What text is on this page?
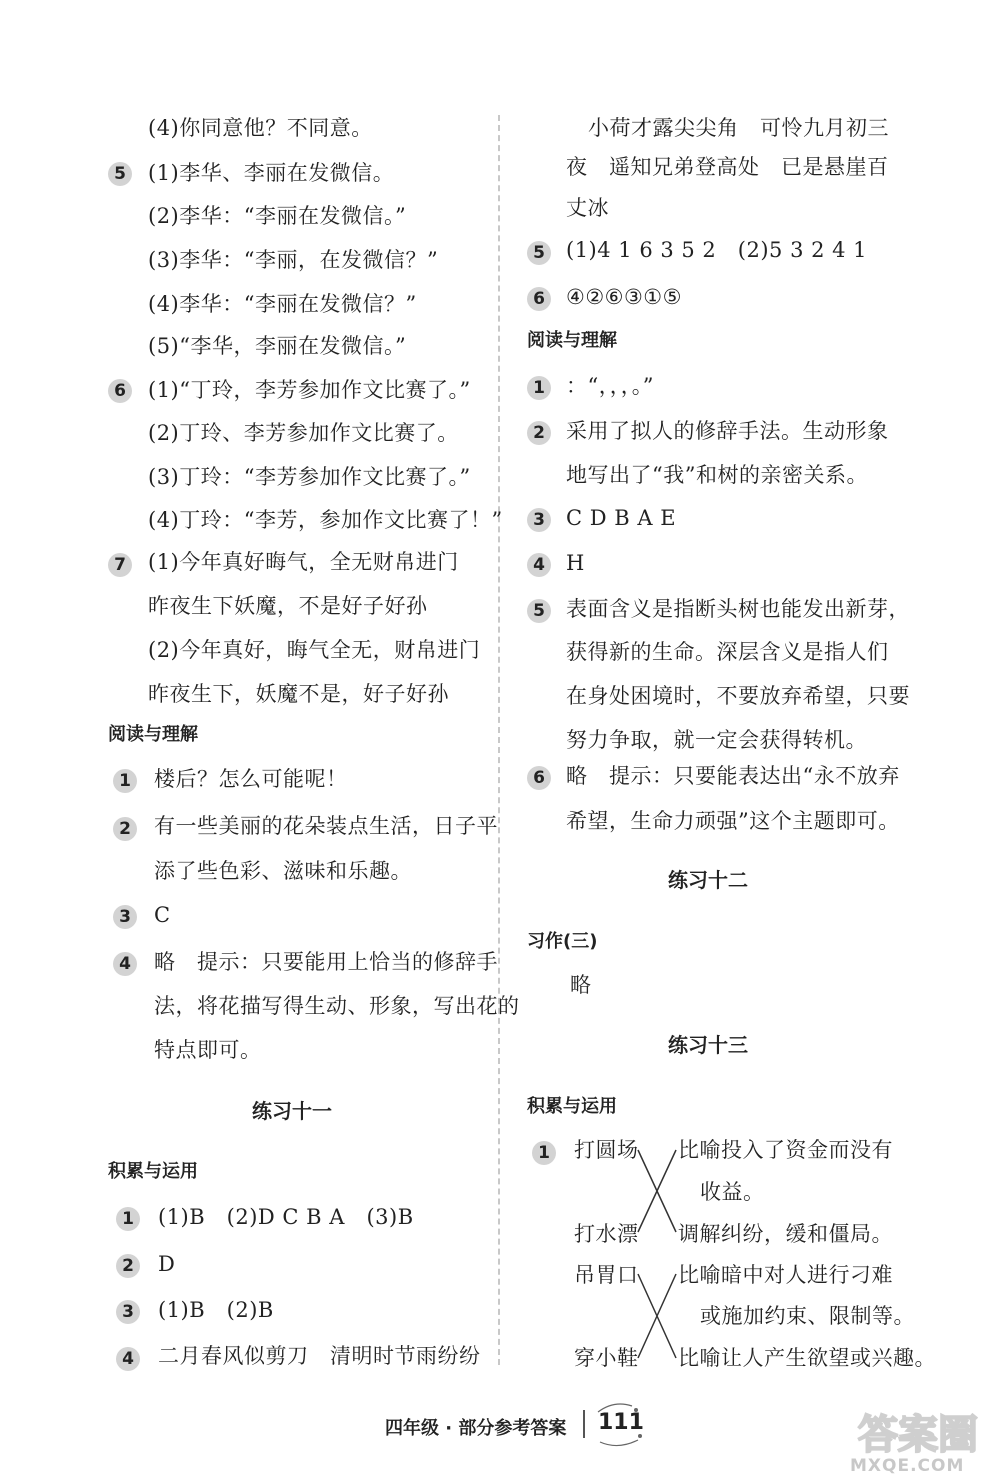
(4)你同意他？不同意。
5 (1)李华、李丽在发微信。
(2)李华：“李丽在发微信。”
(3)李华：“李丽，在发微信？”
(4)李华：“李丽在发微信？”
(5)“李华，李丽在发微信。”
6 (1)“丁玲，李芳参加作文比赛了。”
(2)丁玲、李芳参加作文比赛了。
(3)丁玲：“李芳参加作文比赛了。”
(4)丁玲：“李芳，参加作文比赛了！”
7 (1)今年真好晦气，全无财帛进门
昨夜生下妖魔，不是好子好孙
(2)今年真好，晦气全无，财帛进门
昨夜生下，妖魔不是，好子好孙
阅读与理解
1 楼后？怎么可能呢！
2 有一些美丽的花朵装点生活，日子平
添了些色彩、滋味和乐趣。
3 C
4 略　提示：只要能用上恰当的修辞手
法，将花描写得生动、形象，写出花的
特点即可。
练习十一
积累与运用
1 (1)B　(2)D C B A　(3)B
2 D
3 (1)B　(2)B
4 二月春风似剪刀　清明时节雨纷纷
小荷才露尖尖角　可怜九月初三
夜　遥知兄弟登高处　已是悬崖百
丈冰
5 (1)4 1 6 3 5 2　(2)5 3 2 4 1
6 ④②⑥③①⑤
阅读与理解
1 ：“，，，。”
2 采用了拟人的修辞手法。生动形象
地写出了“我”和树的亲密关系。
3 C D B A E
4 H
5 表面含义是指断头树也能发出新芽，
获得新的生命。深层含义是指人们
在身处困境时，不要放弃希望，只要
努力争取，就一定会获得转机。
6 略　提示：只要能表达出“永不放弃
希望，生命力顽强”这个主题即可。
练习十二
习作(三)
略
练习十三
积累与运用
1 打圆场
打水漂
吊胃口
穿小鞋
比喻投入了资金而没有
收益。
调解纠纷，缓和僵局。
比喻暗中对人进行刁难
或施加约束、限制等。
比喻让人产生欲望或兴趣。
四年级 · 部分参考答案 111	答案圈
MXQE.COM
